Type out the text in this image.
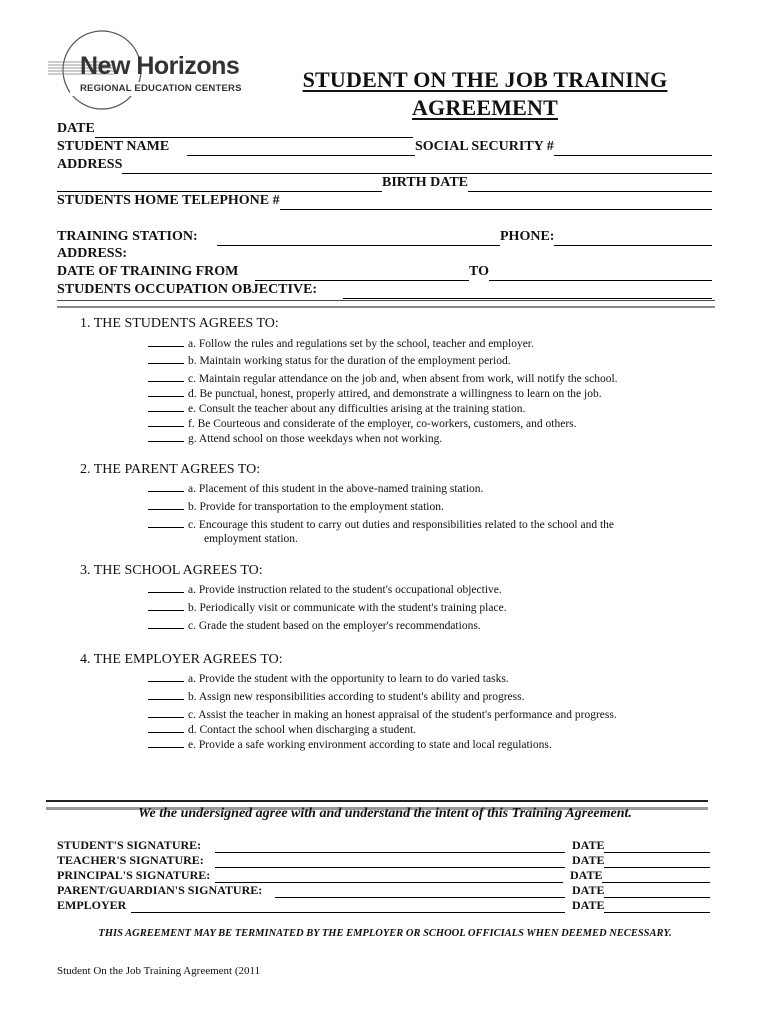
New Horizons
REGIONAL EDUCATION CENTERS	STUDENT ON THE JOB TRAINING
AGREEMENT
DATE
STUDENT NAME	SOCIAL SECURITY #
ADDRESS
BIRTH DATE
STUDENTS HOME TELEPHONE #
TRAINING STATION:	PHONE:
ADDRESS:
DATE OF TRAINING FROM	TO
STUDENTS OCCUPATION OBJECTIVE:
1. THE STUDENTS AGREES TO:
a. Follow the rules and regulations set by the school, teacher and employer.
b. Maintain working status for the duration of the employment period.
c. Maintain regular attendance on the job and, when absent from work, will notify the school.
d. Be punctual, honest, properly attired, and demonstrate a willingness to learn on the job.
e. Consult the teacher about any difficulties arising at the training station.
f. Be Courteous and considerate of the employer, co-workers, customers, and others.
g. Attend school on those weekdays when not working.
2. THE PARENT AGREES TO:
a. Placement of this student in the above-named training station.
b. Provide for transportation to the employment station.
c. Encourage this student to carry out duties and responsibilities related to the school and the
employment station.
3. THE SCHOOL AGREES TO:
a. Provide instruction related to the student's occupational objective.
b. Periodically visit or communicate with the student's training place.
c. Grade the student based on the employer's recommendations.
4. THE EMPLOYER AGREES TO:
a. Provide the student with the opportunity to learn to do varied tasks.
b. Assign new responsibilities according to student's ability and progress.
c. Assist the teacher in making an honest appraisal of the student's performance and progress.
d. Contact the school when discharging a student.
e. Provide a safe working environment according to state and local regulations.
We the undersigned agree with and understand the intent of this Training Agreement.
STUDENT'S SIGNATURE:	DATE
TEACHER'S SIGNATURE:	DATE
PRINCIPAL'S SIGNATURE:	DATE
PARENT/GUARDIAN'S SIGNATURE:	DATE
EMPLOYER	DATE
THIS AGREEMENT MAY BE TERMINATED BY THE EMPLOYER OR SCHOOL OFFICIALS WHEN DEEMED NECESSARY.
Student On the Job Training Agreement (2011
